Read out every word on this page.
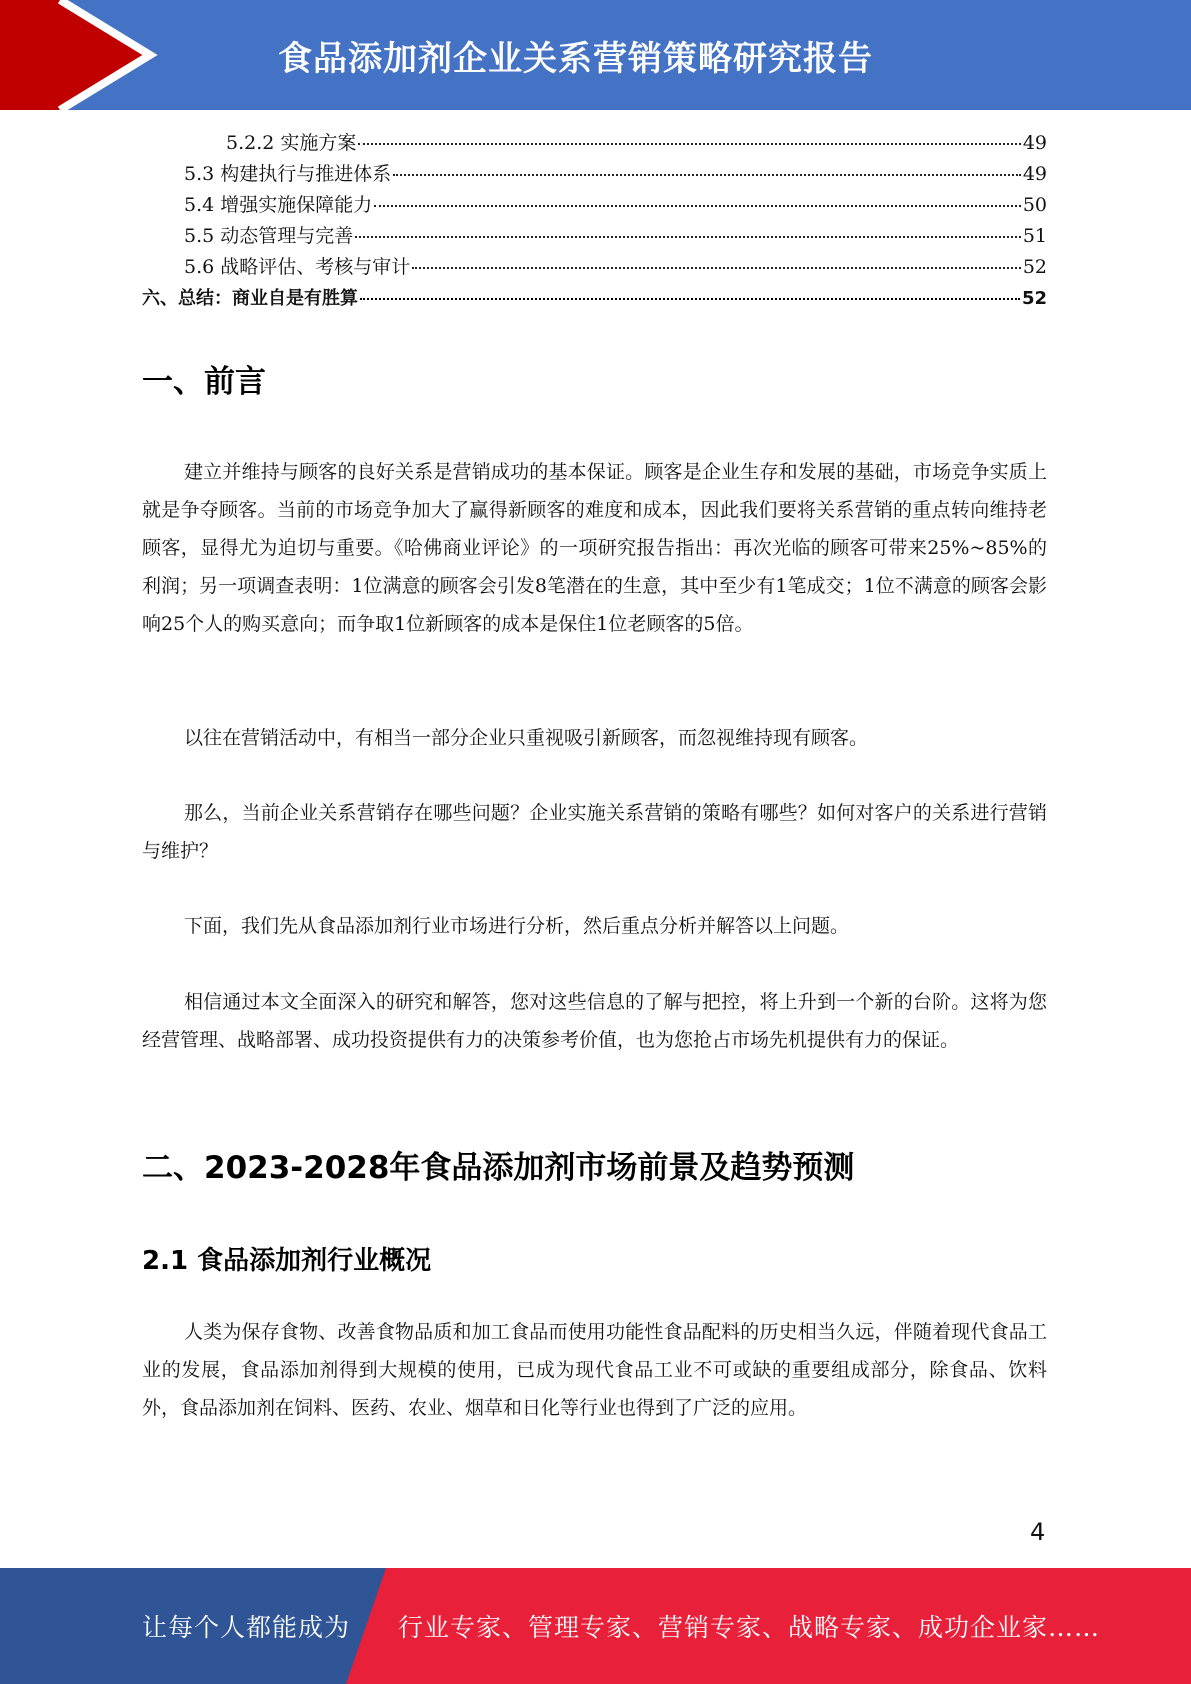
食品添加剂企业关系营销策略研究报告
5.2.2 实施方案	49
5.3 构建执行与推进体系	49
5.4 增强实施保障能力	50
5.5 动态管理与完善	51
5.6 战略评估、考核与审计	52
六、总结：商业自是有胜算	52
一、前言
建立并维持与顾客的良好关系是营销成功的基本保证。顾客是企业生存和发展的基础，市场竞争实质上就是争夺顾客。当前的市场竞争加大了赢得新顾客的难度和成本，因此我们要将关系营销的重点转向维持老顾客，显得尤为迫切与重要。《哈佛商业评论》的一项研究报告指出：再次光临的顾客可带来25%~85%的利润；另一项调查表明：1位满意的顾客会引发8笔潜在的生意，其中至少有1笔成交；1位不满意的顾客会影响25个人的购买意向；而争取1位新顾客的成本是保住1位老顾客的5倍。
以往在营销活动中，有相当一部分企业只重视吸引新顾客，而忽视维持现有顾客。
那么，当前企业关系营销存在哪些问题？企业实施关系营销的策略有哪些？如何对客户的关系进行营销与维护？
下面，我们先从食品添加剂行业市场进行分析，然后重点分析并解答以上问题。
相信通过本文全面深入的研究和解答，您对这些信息的了解与把控，将上升到一个新的台阶。这将为您经营管理、战略部署、成功投资提供有力的决策参考价值，也为您抢占市场先机提供有力的保证。
二、2023-2028年食品添加剂市场前景及趋势预测
2.1 食品添加剂行业概况
人类为保存食物、改善食物品质和加工食品而使用功能性食品配料的历史相当久远，伴随着现代食品工业的发展，食品添加剂得到大规模的使用，已成为现代食品工业不可或缺的重要组成部分，除食品、饮料外，食品添加剂在饲料、医药、农业、烟草和日化等行业也得到了广泛的应用。
4
让每个人都能成为 行业专家、管理专家、营销专家、战略专家、成功企业家……
